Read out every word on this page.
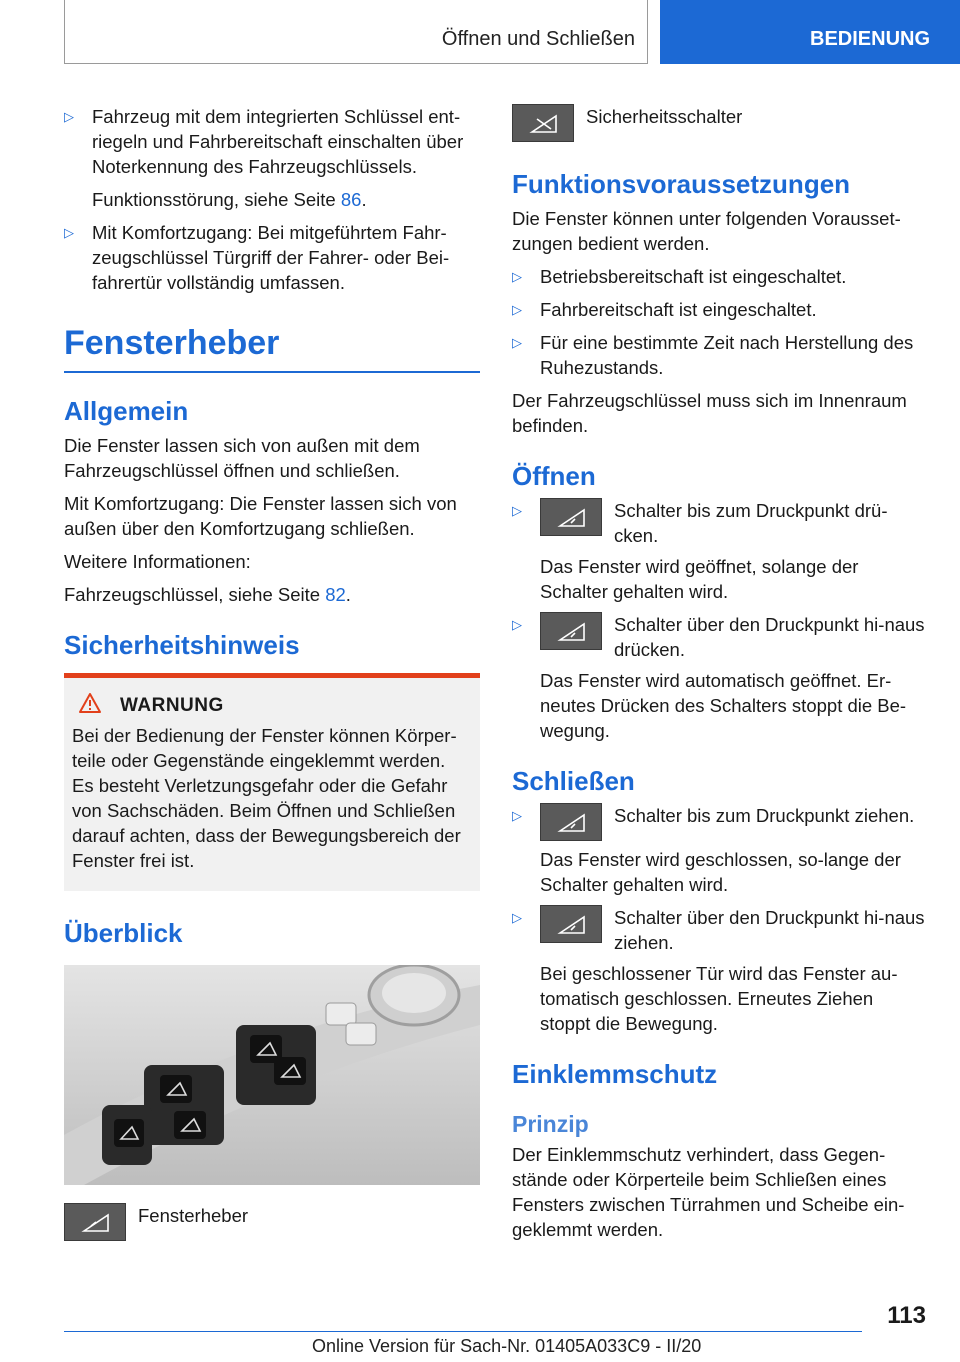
Öffnen und Schließen	BEDIENUNG
▷ Fahrzeug mit dem integrierten Schlüssel ent-riegeln und Fahrbereitschaft einschalten über Noterkennung des Fahrzeugschlüssels.

Funktionsstörung, siehe Seite 86.

▷ Mit Komfortzugang: Bei mitgeführtem Fahr-zeugschlüssel Türgriff der Fahrer- oder Bei-fahrertür vollständig umfassen.
Fensterheber
Allgemein

Die Fenster lassen sich von außen mit dem Fahrzeugschlüssel öffnen und schließen.

Mit Komfortzugang: Die Fenster lassen sich von außen über den Komfortzugang schließen.

Weitere Informationen:

Fahrzeugschlüssel, siehe Seite 82.

Sicherheitshinweis
WARNUNG

Bei der Bedienung der Fenster können Körper-teile oder Gegenstände eingeklemmt werden. Es besteht Verletzungsgefahr oder die Gefahr von Sachschäden. Beim Öffnen und Schließen darauf achten, dass der Bewegungsbereich der Fenster frei ist.

Überblick
Fensterheber
Sicherheitsschalter
Funktionsvoraussetzungen

Die Fenster können unter folgenden Vorausset-zungen bedient werden.

▷ Betriebsbereitschaft ist eingeschaltet.
▷ Fahrbereitschaft ist eingeschaltet.
▷ Für eine bestimmte Zeit nach Herstellung des Ruhezustands.

Der Fahrzeugschlüssel muss sich im Innenraum befinden.

Öffnen
▷	Schalter bis zum Druckpunkt drü-cken.

Das Fenster wird geöffnet, solange der Schalter gehalten wird.

▷	Schalter über den Druckpunkt hi-naus drücken.

Das Fenster wird automatisch geöffnet. Er-neutes Drücken des Schalters stoppt die Be-wegung.

Schließen
▷	Schalter bis zum Druckpunkt ziehen.

Das Fenster wird geschlossen, so-lange der Schalter gehalten wird.

▷	Schalter über den Druckpunkt hi-naus ziehen.

Bei geschlossener Tür wird das Fenster au-tomatisch geschlossen. Erneutes Ziehen stoppt die Bewegung.

Einklemmschutz
Prinzip

Der Einklemmschutz verhindert, dass Gegen-stände oder Körperteile beim Schließen eines Fensters zwischen Türrahmen und Scheibe ein-geklemmt werden.

113
Online Version für Sach-Nr. 01405A033C9 - II/20
